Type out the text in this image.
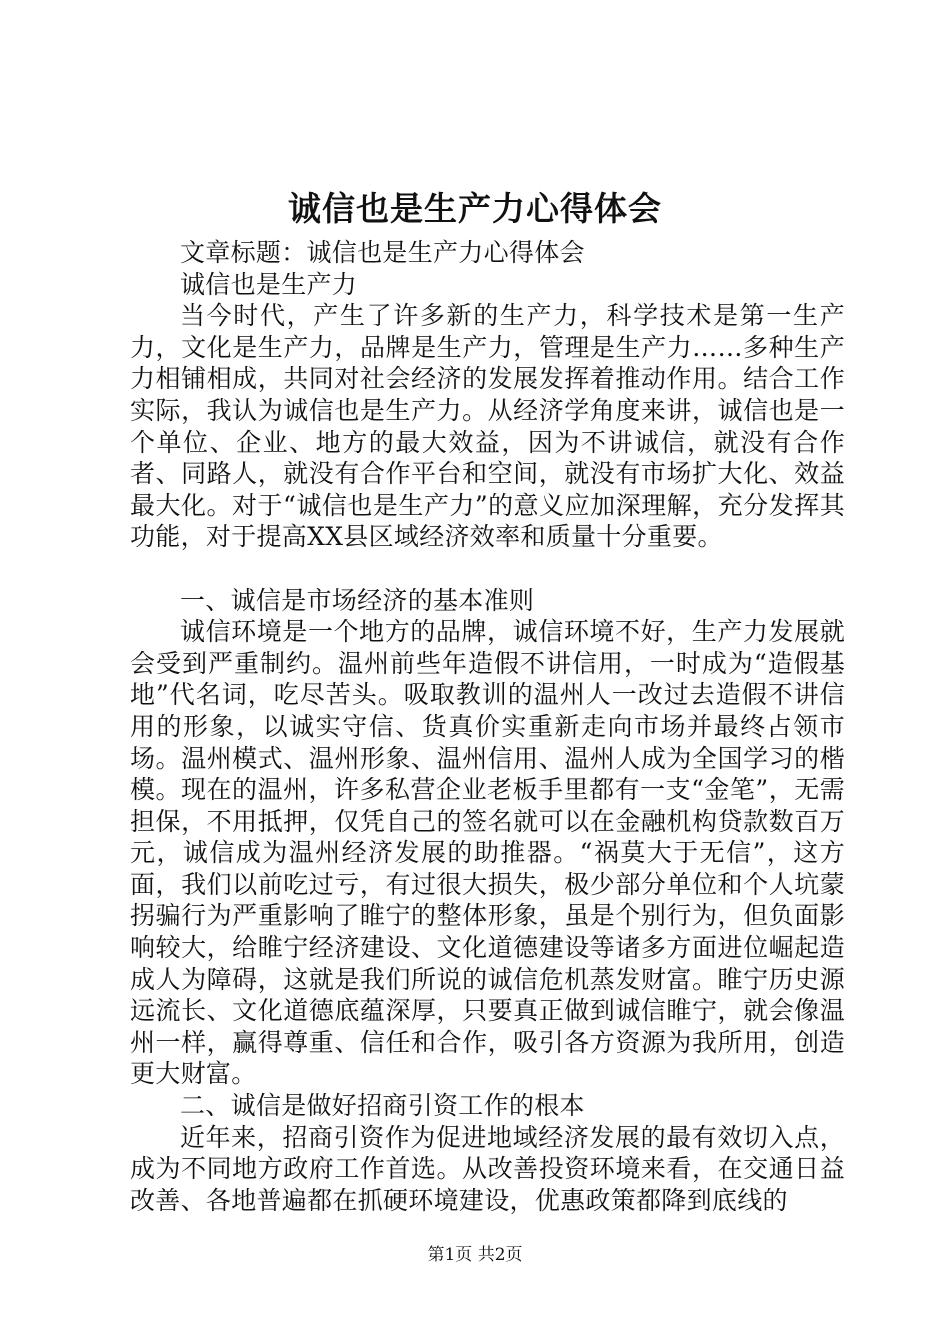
诚信也是生产力心得体会

文章标题：诚信也是生产力心得体会

诚信也是生产力

当今时代，产生了许多新的生产力，科学技术是第一生产力，文化是生产力，品牌是生产力，管理是生产力……多种生产力相铺相成，共同对社会经济的发展发挥着推动作用。结合工作实际，我认为诚信也是生产力。从经济学角度来讲，诚信也是一个单位、企业、地方的最大效益，因为不讲诚信，就没有合作者、同路人，就没有合作平台和空间，就没有市场扩大化、效益最大化。对于“诚信也是生产力”的意义应加深理解，充分发挥其功能，对于提高XX县区域经济效率和质量十分重要。

一、诚信是市场经济的基本准则

诚信环境是一个地方的品牌，诚信环境不好，生产力发展就会受到严重制约。温州前些年造假不讲信用，一时成为“造假基地”代名词，吃尽苦头。吸取教训的温州人一改过去造假不讲信用的形象，以诚实守信、货真价实重新走向市场并最终占领市场。温州模式、温州形象、温州信用、温州人成为全国学习的楷模。现在的温州，许多私营企业老板手里都有一支“金笔”，无需担保，不用抵押，仅凭自己的签名就可以在金融机构贷款数百万元，诚信成为温州经济发展的助推器。“祸莫大于无信”，这方面，我们以前吃过亏，有过很大损失，极少部分单位和个人坑蒙拐骗行为严重影响了睢宁的整体形象，虽是个别行为，但负面影响较大，给睢宁经济建设、文化道德建设等诸多方面进位崛起造成人为障碍，这就是我们所说的诚信危机蒸发财富。睢宁历史源远流长、文化道德底蕴深厚，只要真正做到诚信睢宁，就会像温州一样，赢得尊重、信任和合作，吸引各方资源为我所用，创造更大财富。

二、诚信是做好招商引资工作的根本

近年来，招商引资作为促进地域经济发展的最有效切入点，成为不同地方政府工作首选。从改善投资环境来看，在交通日益改善、各地普遍都在抓硬环境建设，优惠政策都降到底线的

第1页 共2页
